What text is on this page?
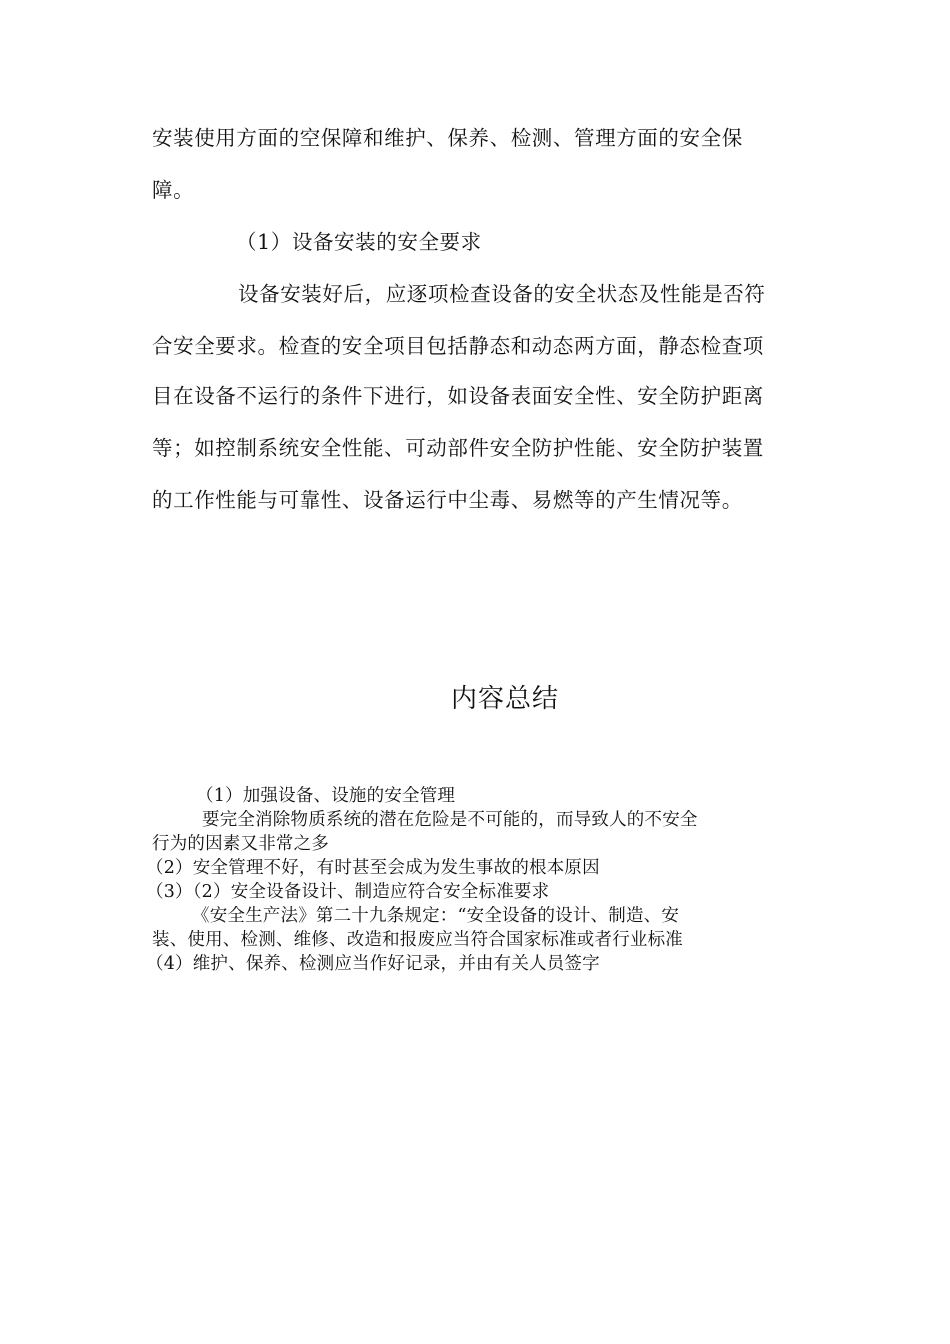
安装使用方面的空保障和维护、保养、检测、管理方面的安全保
障。
（1）设备安装的安全要求
设备安装好后，应逐项检查设备的安全状态及性能是否符
合安全要求。检查的安全项目包括静态和动态两方面，静态检查项
目在设备不运行的条件下进行，如设备表面安全性、安全防护距离
等；如控制系统安全性能、可动部件安全防护性能、安全防护装置
的工作性能与可靠性、设备运行中尘毒、易燃等的产生情况等。
内容总结
（1）加强设备、设施的安全管理
要完全消除物质系统的潜在危险是不可能的，而导致人的不安全
行为的因素又非常之多
（2）安全管理不好，有时甚至会成为发生事故的根本原因
（3）（2）安全设备设计、制造应符合安全标准要求
《安全生产法》第二十九条规定：“安全设备的设计、制造、安
装、使用、检测、维修、改造和报废应当符合国家标准或者行业标准
（4）维护、保养、检测应当作好记录，并由有关人员签字
